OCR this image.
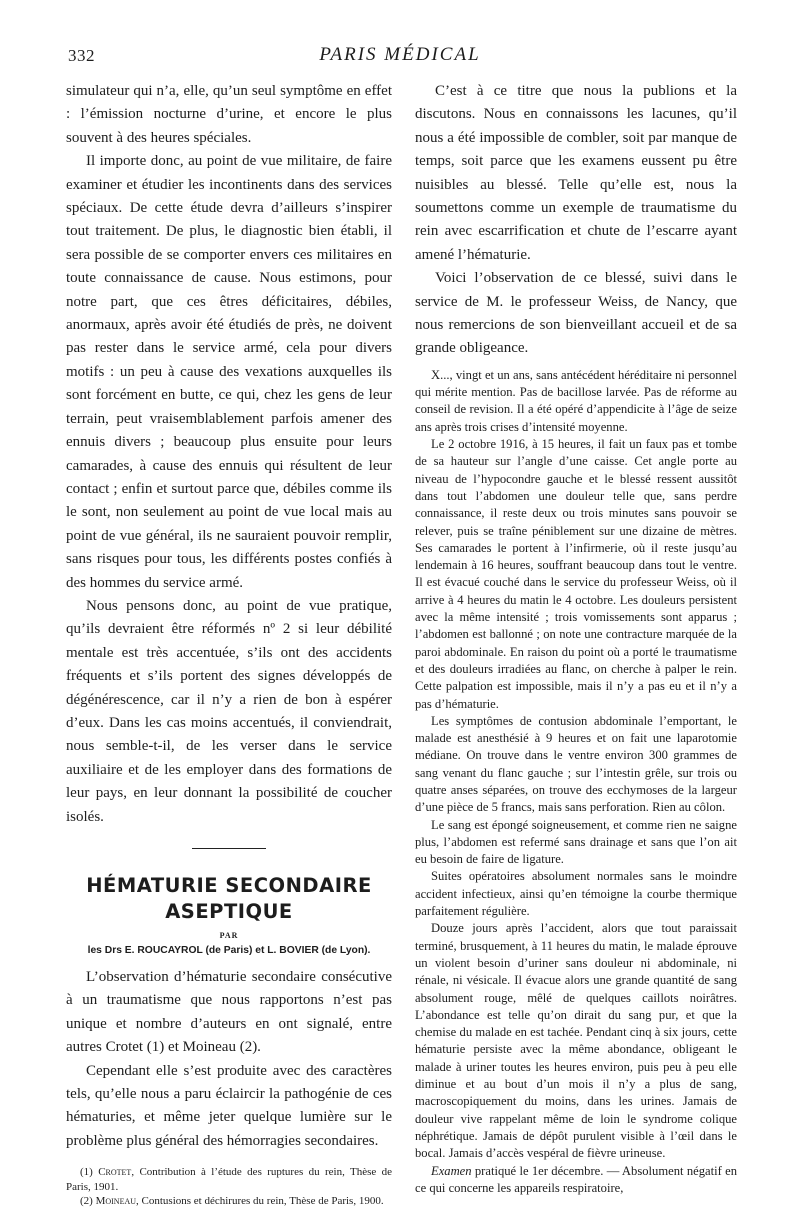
332	PARIS MÉDICAL

simulateur qui n’a, elle, qu’un seul symptôme en effet : l’émission nocturne d’urine, et encore le plus souvent à des heures spéciales.

Il importe donc, au point de vue militaire, de faire examiner et étudier les incontinents dans des services spéciaux. De cette étude devra d’ailleurs s’inspirer tout traitement. De plus, le diagnostic bien établi, il sera possible de se comporter envers ces militaires en toute connaissance de cause. Nous estimons, pour notre part, que ces êtres déficitaires, débiles, anormaux, après avoir été étudiés de près, ne doivent pas rester dans le service armé, cela pour divers motifs : un peu à cause des vexations auxquelles ils sont forcément en butte, ce qui, chez les gens de leur terrain, peut vraisemblablement parfois amener des ennuis divers ; beaucoup plus ensuite pour leurs camarades, à cause des ennuis qui résultent de leur contact ; enfin et surtout parce que, débiles comme ils le sont, non seulement au point de vue local mais au point de vue général, ils ne sauraient pouvoir remplir, sans risques pour tous, les différents postes confiés à des hommes du service armé.

Nous pensons donc, au point de vue pratique, qu’ils devraient être réformés nº 2 si leur débilité mentale est très accentuée, s’ils ont des accidents fréquents et s’ils portent des signes développés de dégénérescence, car il n’y a rien de bon à espérer d’eux. Dans les cas moins accentués, il conviendrait, nous semble-t-il, de les verser dans le service auxiliaire et de les employer dans des formations de leur pays, en leur donnant la possibilité de coucher isolés.

HÉMATURIE SECONDAIRE
ASEPTIQUE
PAR
les Drs E. ROUCAYROL (de Paris) et L. BOVIER (de Lyon).

L’observation d’hématurie secondaire consécutive à un traumatisme que nous rapportons n’est pas unique et nombre d’auteurs en ont signalé, entre autres Crotet (1) et Moineau (2).

Cependant elle s’est produite avec des caractères tels, qu’elle nous a paru éclaircir la pathogénie de ces hématuries, et même jeter quelque lumière sur le problème plus général des hémorragies secondaires.

(1) Crotet, Contribution à l’étude des ruptures du rein, Thèse de Paris, 1901.

(2) Moineau, Contusions et déchirures du rein, Thèse de Paris, 1900.

C’est à ce titre que nous la publions et la discutons. Nous en connaissons les lacunes, qu’il nous a été impossible de combler, soit par manque de temps, soit parce que les examens eussent pu être nuisibles au blessé. Telle qu’elle est, nous la soumettons comme un exemple de traumatisme du rein avec escarrification et chute de l’escarre ayant amené l’hématurie.

Voici l’observation de ce blessé, suivi dans le service de M. le professeur Weiss, de Nancy, que nous remercions de son bienveillant accueil et de sa grande obligeance.

X..., vingt et un ans, sans antécédent héréditaire ni personnel qui mérite mention. Pas de bacillose larvée. Pas de réforme au conseil de revision. Il a été opéré d’appendicite à l’âge de seize ans après trois crises d’intensité moyenne.

Le 2 octobre 1916, à 15 heures, il fait un faux pas et tombe de sa hauteur sur l’angle d’une caisse. Cet angle porte au niveau de l’hypocondre gauche et le blessé ressent aussitôt dans tout l’abdomen une douleur telle que, sans perdre connaissance, il reste deux ou trois minutes sans pouvoir se relever, puis se traîne péniblement sur une dizaine de mètres. Ses camarades le portent à l’infirmerie, où il reste jusqu’au lendemain à 16 heures, souffrant beaucoup dans tout le ventre. Il est évacué couché dans le service du professeur Weiss, où il arrive à 4 heures du matin le 4 octobre. Les douleurs persistent avec la même intensité ; trois vomissements sont apparus ; l’abdomen est ballonné ; on note une contracture marquée de la paroi abdominale. En raison du point où a porté le traumatisme et des douleurs irradiées au flanc, on cherche à palper le rein. Cette palpation est impossible, mais il n’y a pas eu et il n’y a pas d’hématurie.

Les symptômes de contusion abdominale l’emportant, le malade est anesthésié à 9 heures et on fait une laparotomie médiane. On trouve dans le ventre environ 300 grammes de sang venant du flanc gauche ; sur l’intestin grêle, sur trois ou quatre anses séparées, on trouve des ecchymoses de la largeur d’une pièce de 5 francs, mais sans perforation. Rien au côlon.

Le sang est épongé soigneusement, et comme rien ne saigne plus, l’abdomen est refermé sans drainage et sans que l’on ait eu besoin de faire de ligature.

Suites opératoires absolument normales sans le moindre accident infectieux, ainsi qu’en témoigne la courbe thermique parfaitement régulière.

Douze jours après l’accident, alors que tout paraissait terminé, brusquement, à 11 heures du matin, le malade éprouve un violent besoin d’uriner sans douleur ni abdominale, ni rénale, ni vésicale. Il évacue alors une grande quantité de sang absolument rouge, mêlé de quelques caillots noirâtres. L’abondance est telle qu’on dirait du sang pur, et que la chemise du malade en est tachée. Pendant cinq à six jours, cette hématurie persiste avec la même abondance, obligeant le malade à uriner toutes les heures environ, puis peu à peu elle diminue et au bout d’un mois il n’y a plus de sang, macroscopiquement du moins, dans les urines. Jamais de douleur vive rappelant même de loin le syndrome colique néphrétique. Jamais de dépôt purulent visible à l’œil dans le bocal. Jamais d’accès vespéral de fièvre urineuse.

Examen pratiqué le 1er décembre. — Absolument négatif en ce qui concerne les appareils respiratoire,
